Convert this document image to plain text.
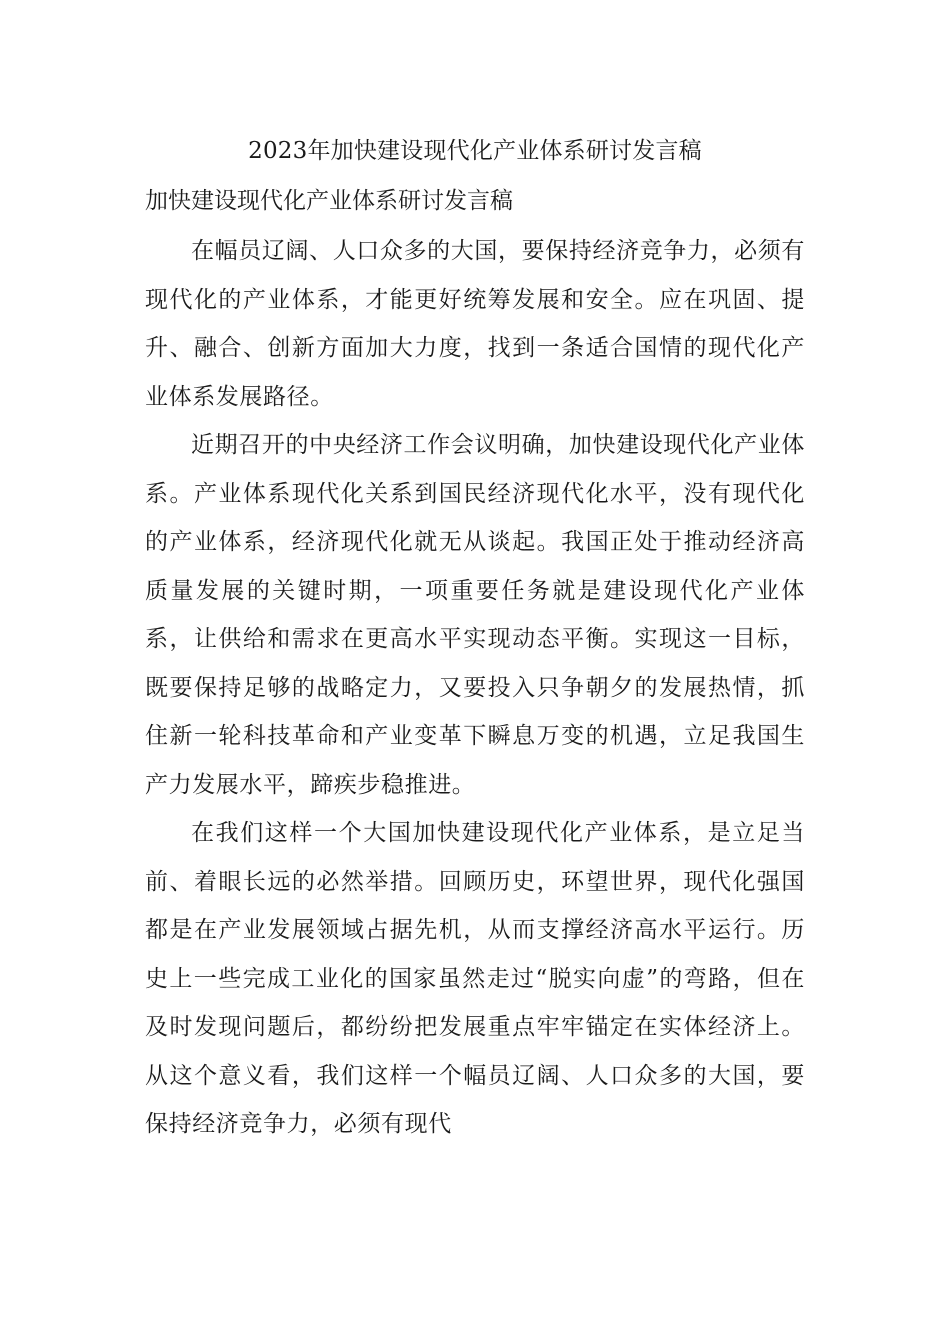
2023年加快建设现代化产业体系研讨发言稿
加快建设现代化产业体系研讨发言稿

在幅员辽阔、人口众多的大国，要保持经济竞争力，必须有现代化的产业体系，才能更好统筹发展和安全。应在巩固、提升、融合、创新方面加大力度，找到一条适合国情的现代化产业体系发展路径。

近期召开的中央经济工作会议明确，加快建设现代化产业体系。产业体系现代化关系到国民经济现代化水平，没有现代化的产业体系，经济现代化就无从谈起。我国正处于推动经济高质量发展的关键时期，一项重要任务就是建设现代化产业体系，让供给和需求在更高水平实现动态平衡。实现这一目标，既要保持足够的战略定力，又要投入只争朝夕的发展热情，抓住新一轮科技革命和产业变革下瞬息万变的机遇，立足我国生产力发展水平，蹄疾步稳推进。

在我们这样一个大国加快建设现代化产业体系，是立足当前、着眼长远的必然举措。回顾历史，环望世界，现代化强国都是在产业发展领域占据先机，从而支撑经济高水平运行。历史上一些完成工业化的国家虽然走过“脱实向虚”的弯路，但在及时发现问题后，都纷纷把发展重点牢牢锚定在实体经济上。从这个意义看，我们这样一个幅员辽阔、人口众多的大国，要保持经济竞争力，必须有现代
